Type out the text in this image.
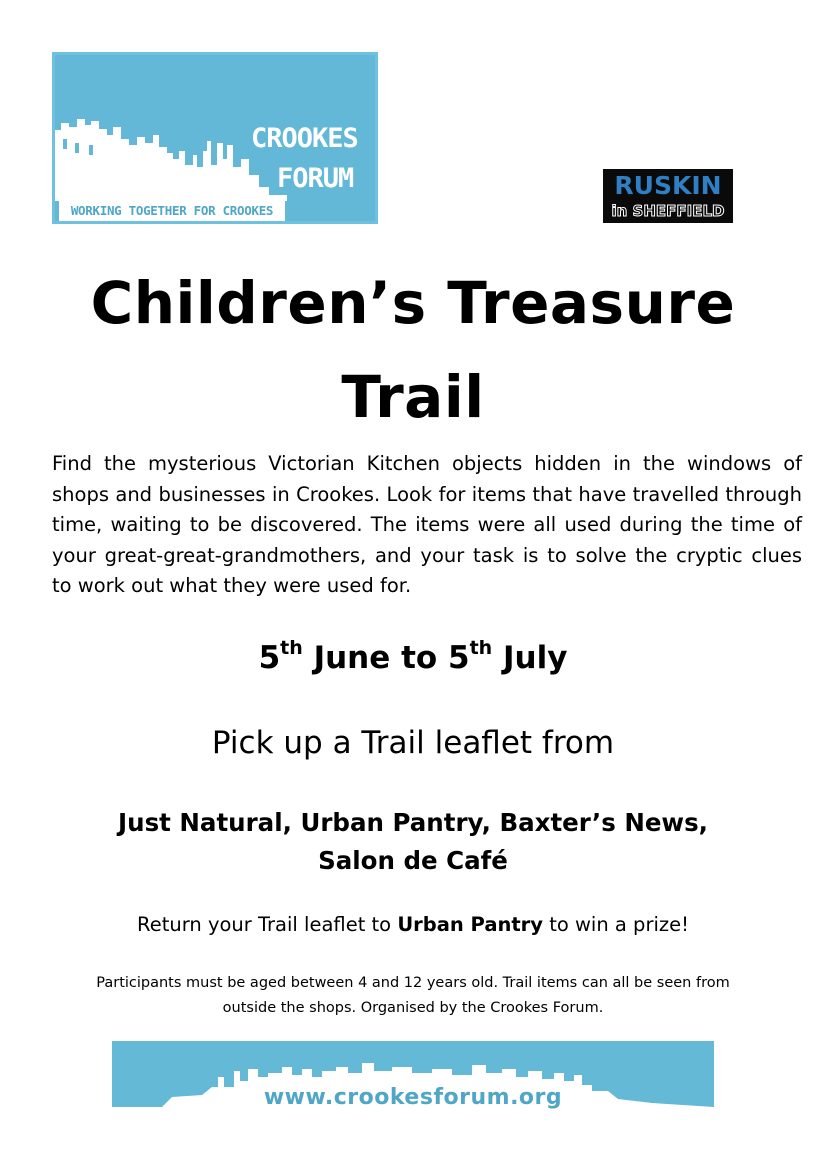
CROOKES
FORUM
WORKING TOGETHER FOR CROOKES
RUSKIN
in SHEFFIELD
Children’s Treasure
Trail
Find the mysterious Victorian Kitchen objects hidden in the windows of shops and businesses in Crookes. Look for items that have travelled through time, waiting to be discovered. The items were all used during the time of your great-great-grandmothers, and your task is to solve the cryptic clues to work out what they were used for.
5th June to 5th July
Pick up a Trail leaflet from
Just Natural, Urban Pantry, Baxter’s News,
Salon de Café
Return your Trail leaflet to Urban Pantry to win a prize!
Participants must be aged between 4 and 12 years old. Trail items can all be seen from
outside the shops. Organised by the Crookes Forum.
www.crookesforum.org
